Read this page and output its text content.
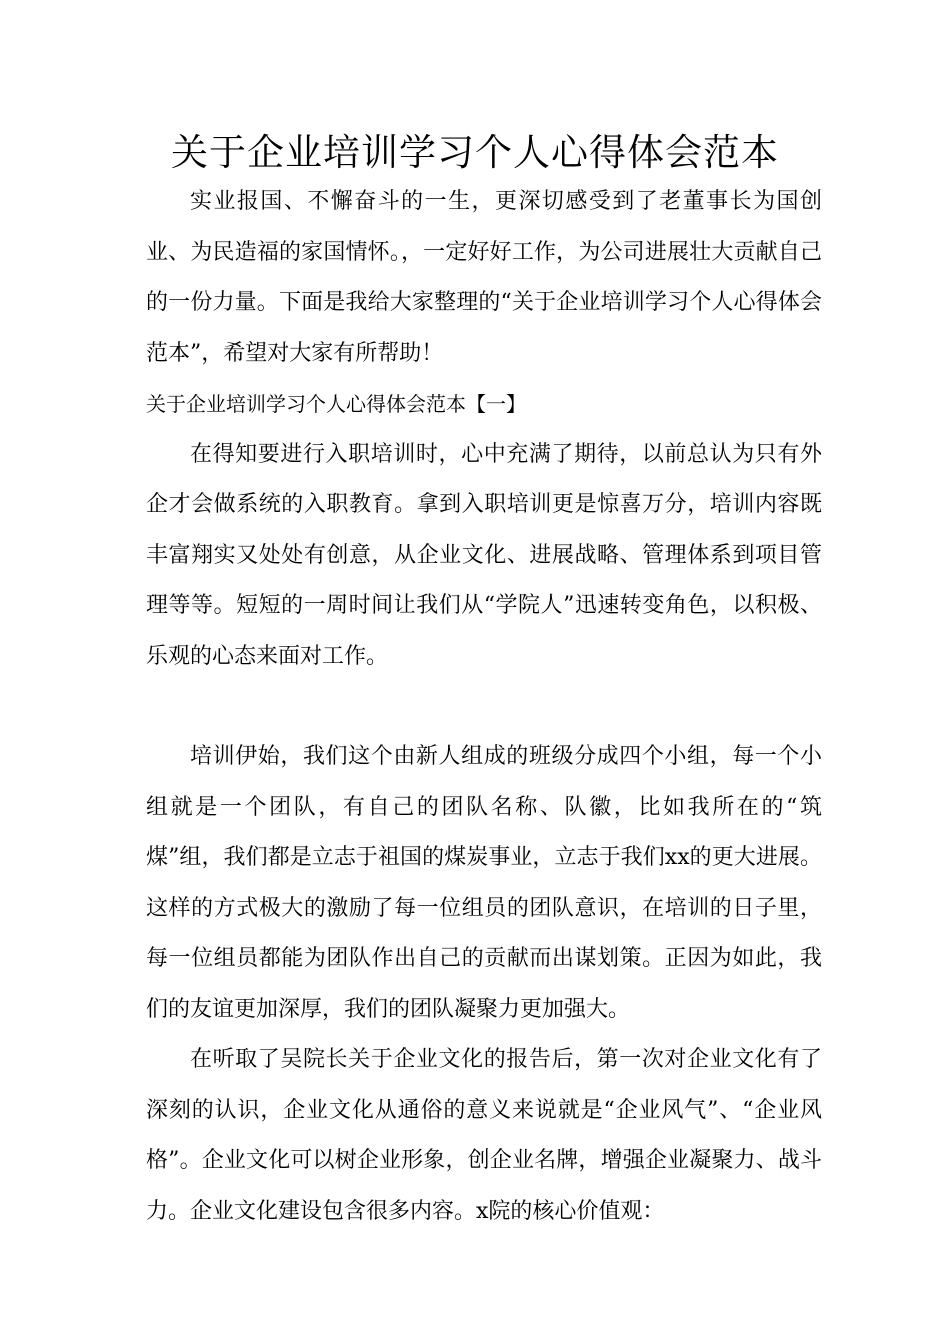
关于企业培训学习个人心得体会范本

实业报国、不懈奋斗的一生，更深切感受到了老董事长为国创业、为民造福的家国情怀。，一定好好工作，为公司进展壮大贡献自己的一份力量。下面是我给大家整理的“关于企业培训学习个人心得体会范本”，希望对大家有所帮助！

关于企业培训学习个人心得体会范本【一】

在得知要进行入职培训时，心中充满了期待，以前总认为只有外企才会做系统的入职教育。拿到入职培训更是惊喜万分，培训内容既丰富翔实又处处有创意，从企业文化、进展战略、管理体系到项目管理等等。短短的一周时间让我们从“学院人”迅速转变角色，以积极、乐观的心态来面对工作。

培训伊始，我们这个由新人组成的班级分成四个小组，每一个小组就是一个团队，有自己的团队名称、队徽，比如我所在的“筑煤”组，我们都是立志于祖国的煤炭事业，立志于我们xx的更大进展。这样的方式极大的激励了每一位组员的团队意识，在培训的日子里，每一位组员都能为团队作出自己的贡献而出谋划策。正因为如此，我们的友谊更加深厚，我们的团队凝聚力更加强大。

在听取了吴院长关于企业文化的报告后，第一次对企业文化有了深刻的认识，企业文化从通俗的意义来说就是“企业风气”、“企业风格”。企业文化可以树企业形象，创企业名牌，增强企业凝聚力、战斗力。企业文化建设包含很多内容。x院的核心价值观：
